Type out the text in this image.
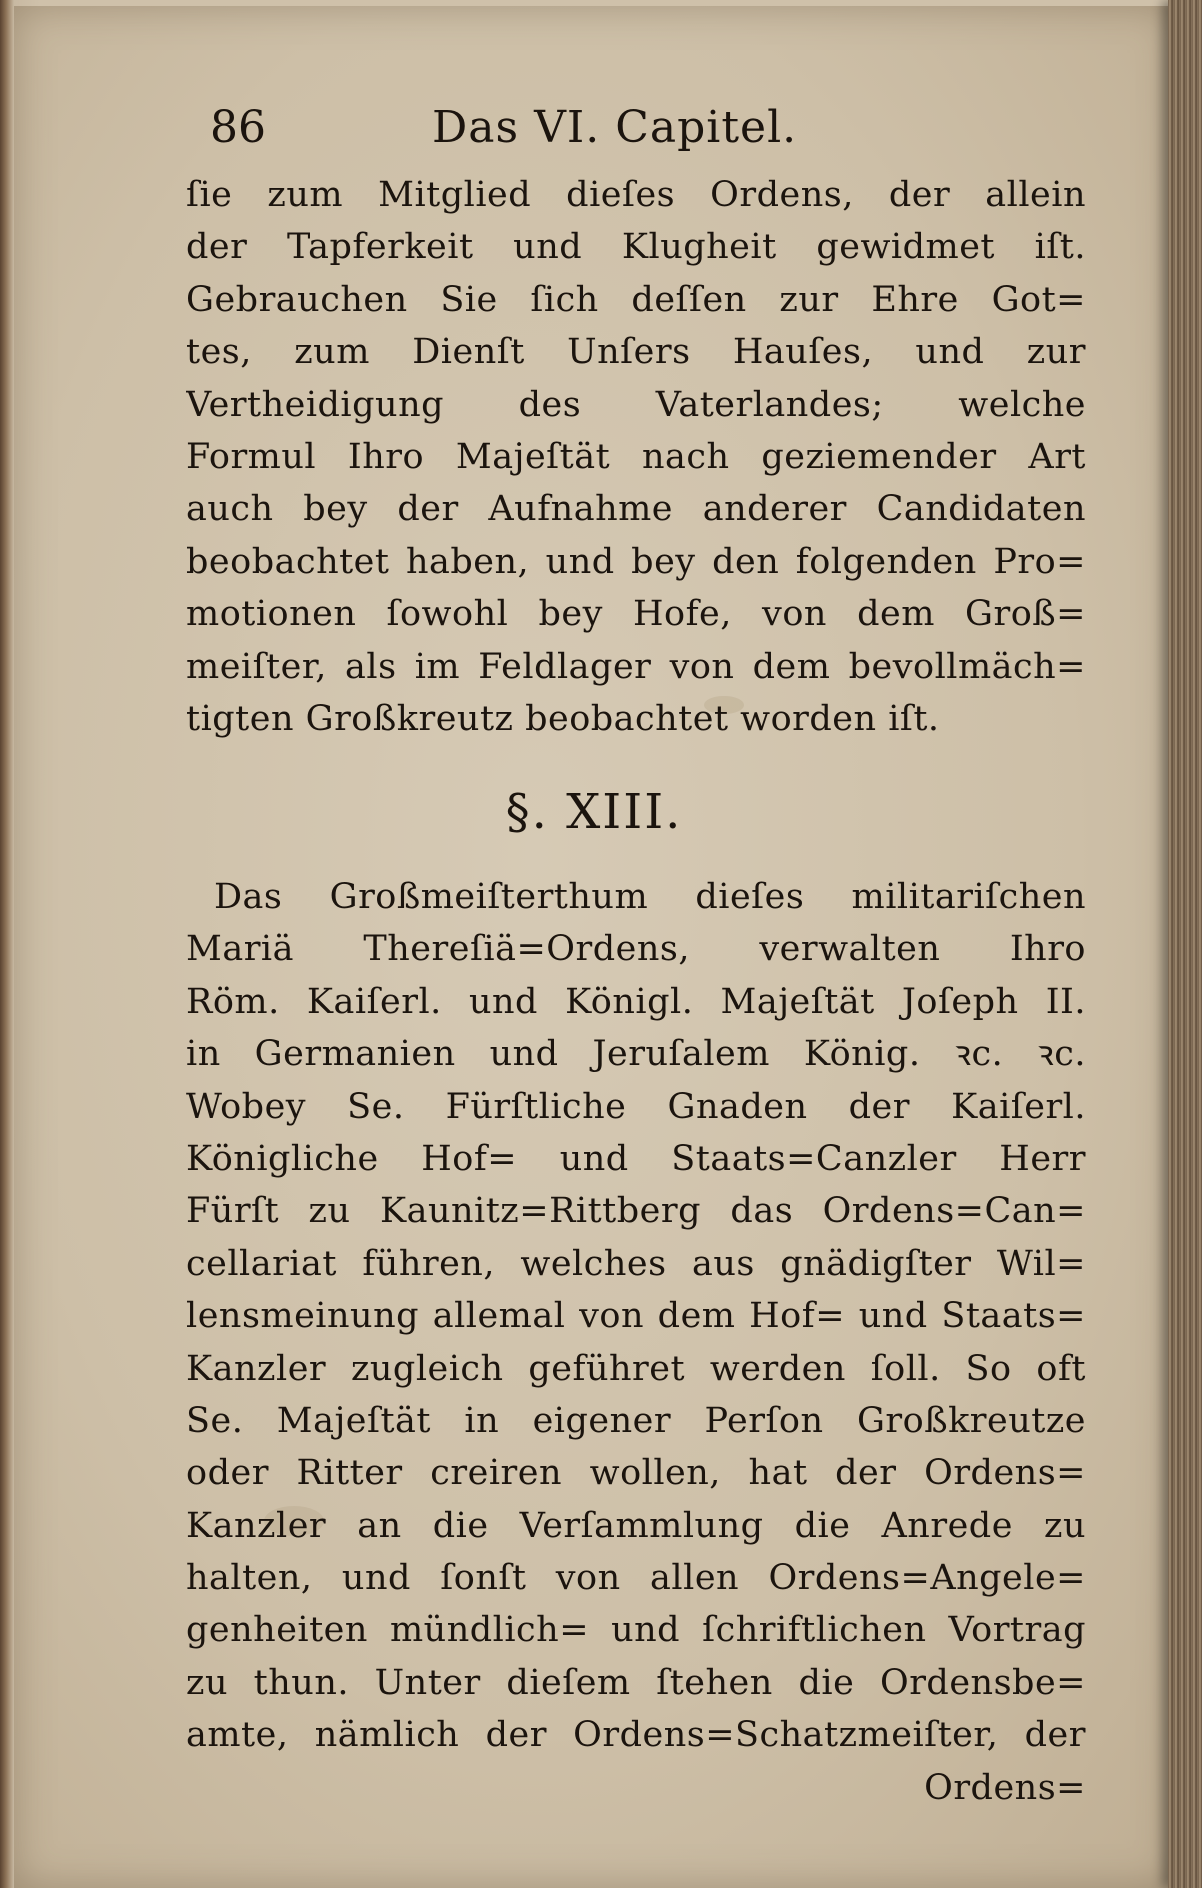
86	Das VI. Capitel.
ſie zum Mitglied dieſes Ordens, der allein
der Tapferkeit und Klugheit gewidmet iſt.
Gebrauchen Sie ſich deſſen zur Ehre Got=
tes, zum Dienſt Unſers Hauſes, und zur
Vertheidigung des Vaterlandes; welche
Formul Ihro Majeſtät nach geziemender Art
auch bey der Aufnahme anderer Candidaten
beobachtet haben, und bey den folgenden Pro=
motionen ſowohl bey Hofe, von dem Groß=
meiſter, als im Feldlager von dem bevollmäch=
tigten Großkreutz beobachtet worden iſt.
§. XIII.
Das Großmeiſterthum dieſes militariſchen
Mariä Thereſiä=Ordens, verwalten Ihro
Röm. Kaiſerl. und Königl. Majeſtät Joſeph II.
in Germanien und Jeruſalem König. ꝛc. ꝛc.
Wobey Se. Fürſtliche Gnaden der Kaiſerl.
Königliche Hof= und Staats=Canzler Herr
Fürſt zu Kaunitz=Rittberg das Ordens=Can=
cellariat führen, welches aus gnädigſter Wil=
lensmeinung allemal von dem Hof= und Staats=
Kanzler zugleich geführet werden ſoll. So oft
Se. Majeſtät in eigener Perſon Großkreutze
oder Ritter creiren wollen, hat der Ordens=
Kanzler an die Verſammlung die Anrede zu
halten, und ſonſt von allen Ordens=Angele=
genheiten mündlich= und ſchriftlichen Vortrag
zu thun. Unter dieſem ſtehen die Ordensbe=
amte, nämlich der Ordens=Schatzmeiſter, der
Ordens=
